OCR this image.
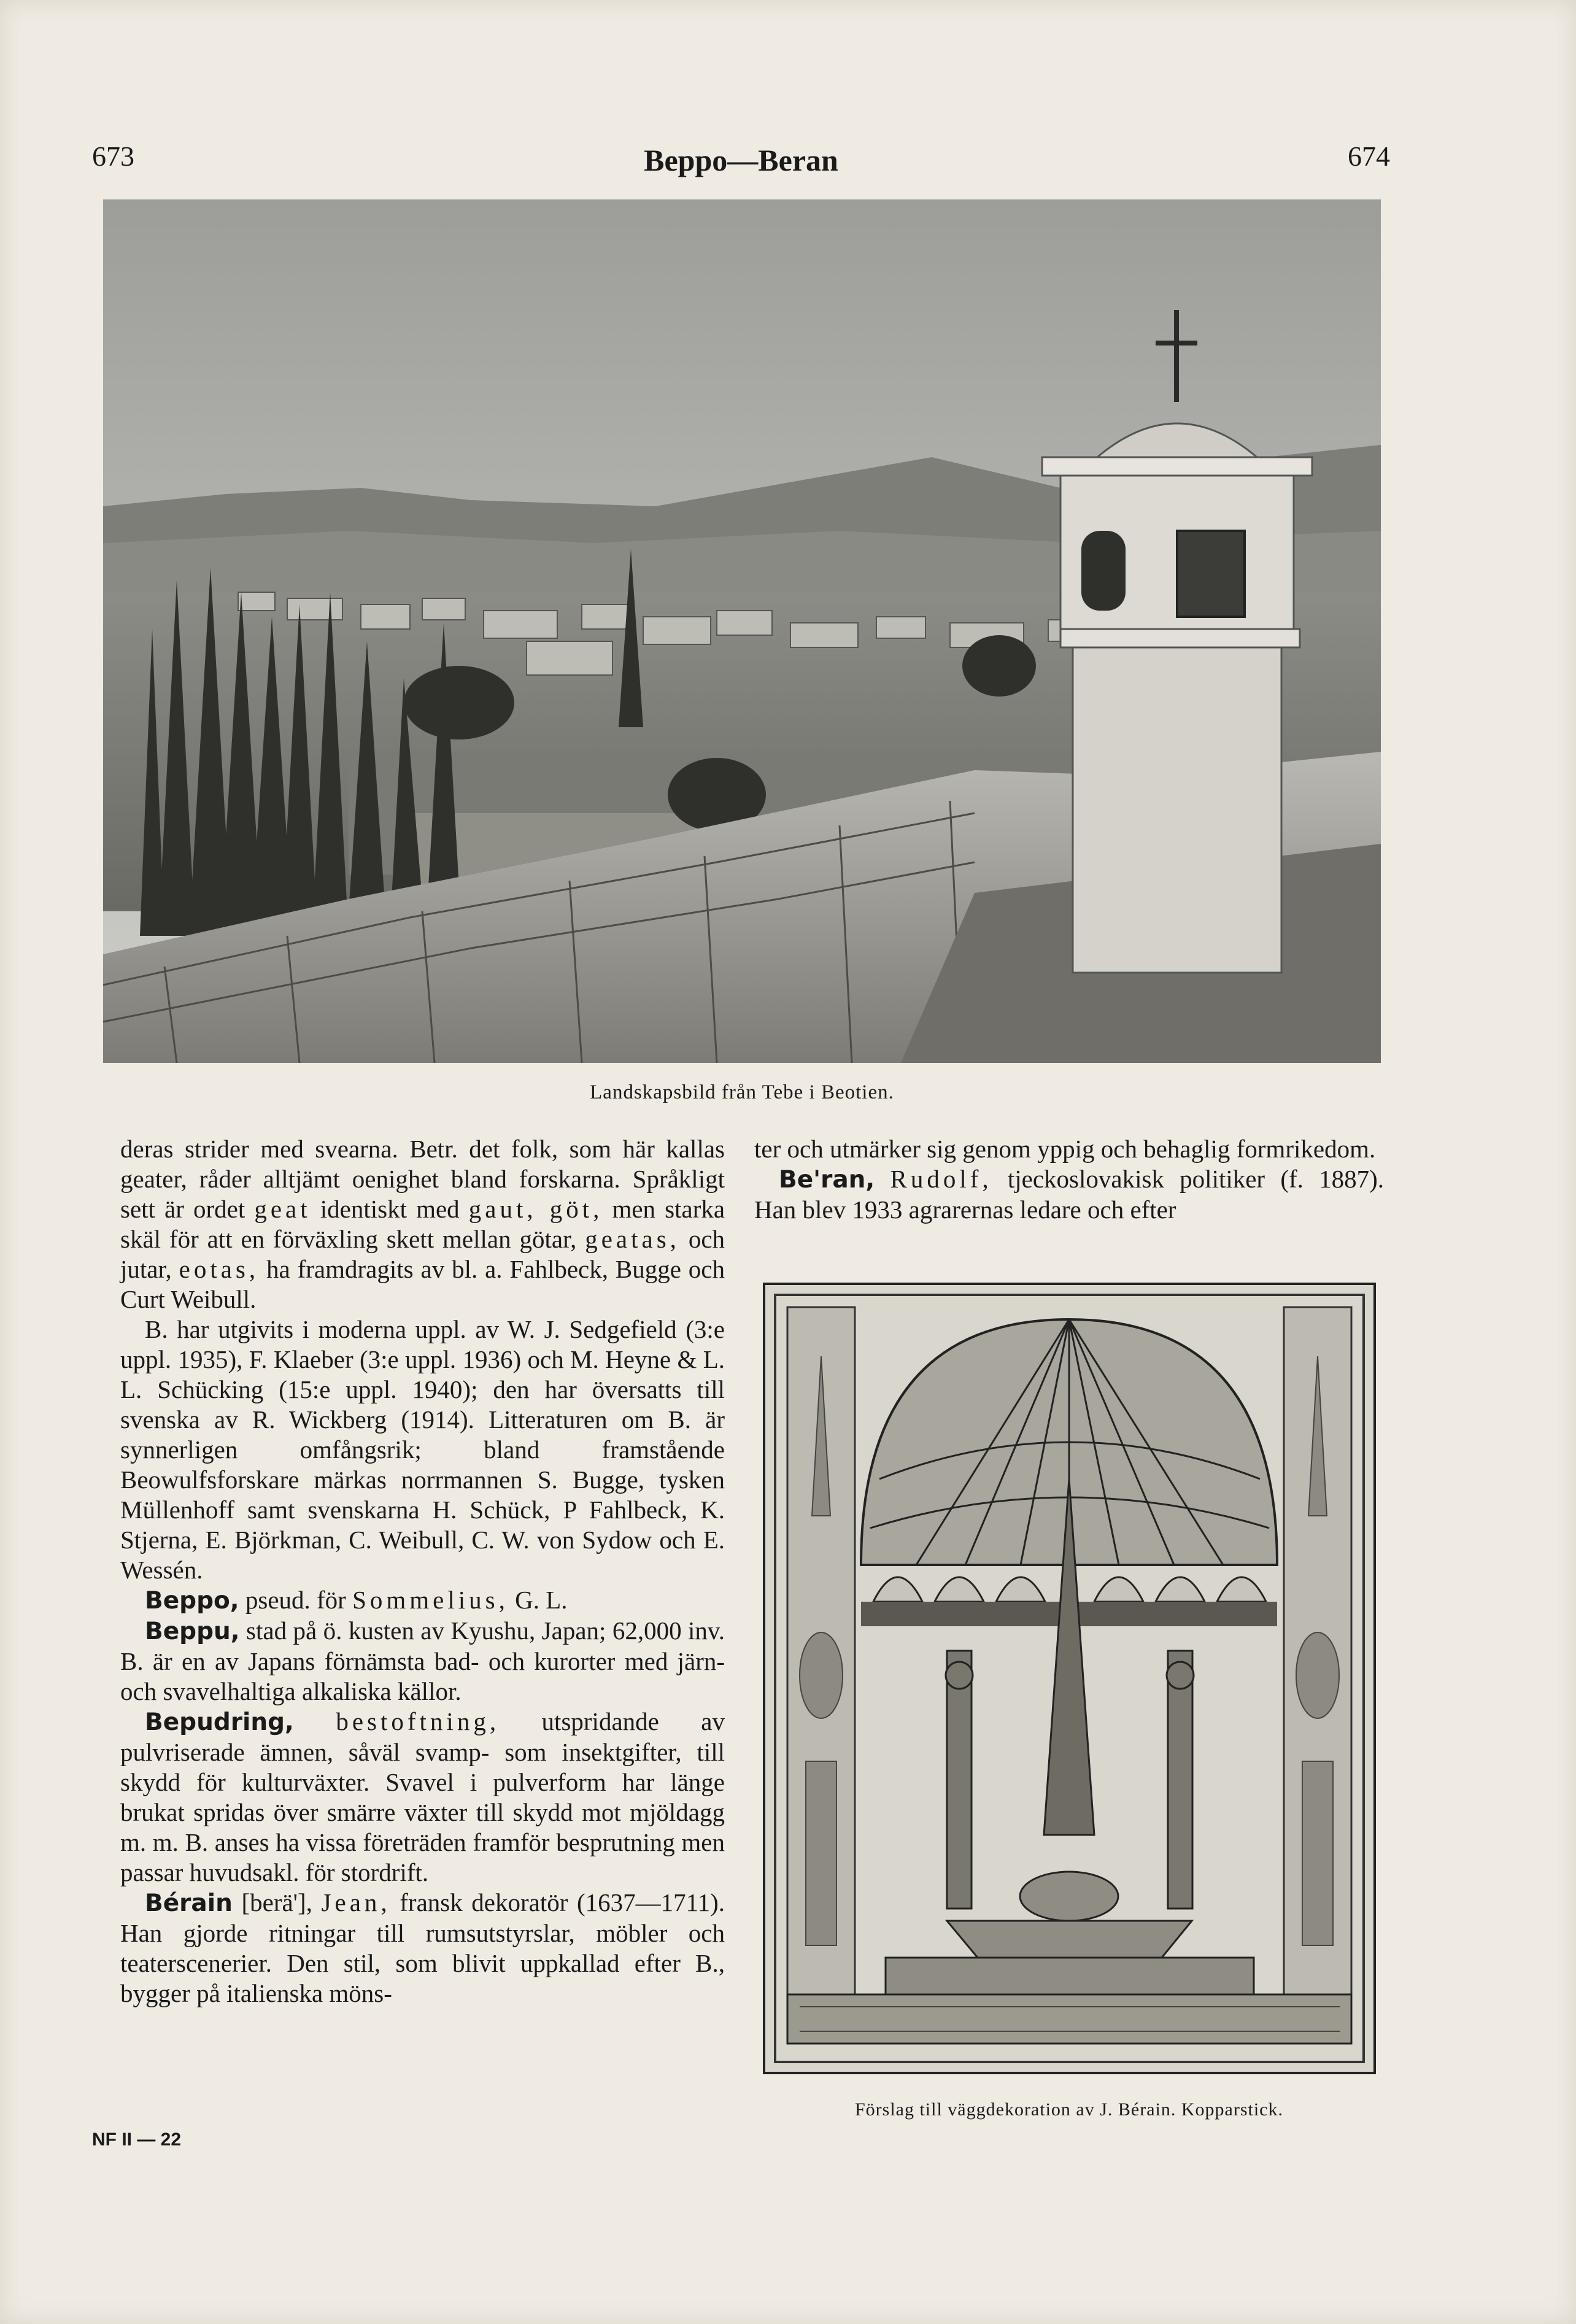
673	Beppo—Beran	674
Landskapsbild från Tebe i Beotien.

deras strider med svearna. Betr. det folk, som här kallas geater, råder alltjämt oenighet bland forskarna. Språkligt sett är ordet geat identiskt med gaut, göt, men starka skäl för att en förväxling skett mellan götar, geatas, och jutar, eotas, ha framdragits av bl. a. Fahlbeck, Bugge och Curt Weibull.

B. har utgivits i moderna uppl. av W. J. Sedgefield (3:e uppl. 1935), F. Klaeber (3:e uppl. 1936) och M. Heyne & L. L. Schücking (15:e uppl. 1940); den har översatts till svenska av R. Wickberg (1914). Litteraturen om B. är synnerligen omfångsrik; bland framstående Beowulfsforskare märkas norrmannen S. Bugge, tysken Müllenhoff samt svenskarna H. Schück, P Fahlbeck, K. Stjerna, E. Björkman, C. Weibull, C. W. von Sydow och E. Wessén.

Beppo, pseud. för Sommelius, G. L.

Beppu, stad på ö. kusten av Kyushu, Japan; 62,000 inv. B. är en av Japans förnämsta bad- och kurorter med järn- och svavelhaltiga alkaliska källor.

Bepudring, bestoftning, utspridande av pulvriserade ämnen, såväl svamp- som insektgifter, till skydd för kulturväxter. Svavel i pulverform har länge brukat spridas över smärre växter till skydd mot mjöldagg m. m. B. anses ha vissa företräden framför besprutning men passar huvudsakl. för stordrift.

Bérain [berä'], Jean, fransk dekoratör (1637—1711). Han gjorde ritningar till rumsutstyrslar, möbler och teaterscenerier. Den stil, som blivit uppkallad efter B., bygger på italienska möns-

ter och utmärker sig genom yppig och behaglig formrikedom.

Be'ran, Rudolf, tjeckoslovakisk politiker (f. 1887). Han blev 1933 agrarernas ledare och efter

Förslag till väggdekoration av J. Bérain. Kopparstick.
NF II — 22
